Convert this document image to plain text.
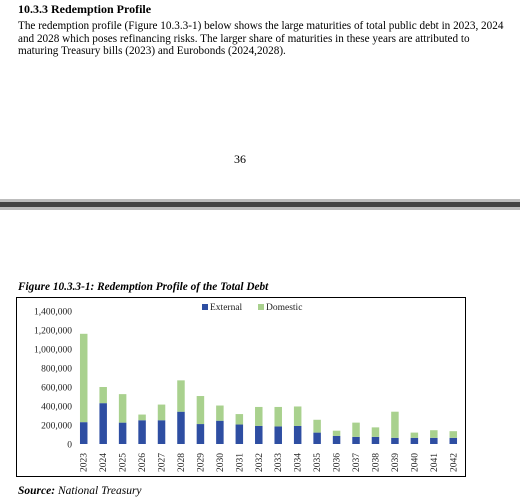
10.3.3 Redemption Profile
The redemption profile (Figure 10.3.3-1) below shows the large maturities of total public debt in 2023, 2024 and 2028 which poses refinancing risks. The larger share of maturities in these years are attributed to maturing Treasury bills (2023) and Eurobonds (2024,2028).
36
Figure 10.3.3-1: Redemption Profile of the Total Debt
0
200,000
400,000
600,000
800,000
1,000,000
1,200,000
1,400,000
2023 2024 2025 2026 2027 2028 2029 2030 2031 2032 2033 2034 2035 2036 2037 2038 2039 2040 2041 2042
External	Domestic
Source: National Treasury
